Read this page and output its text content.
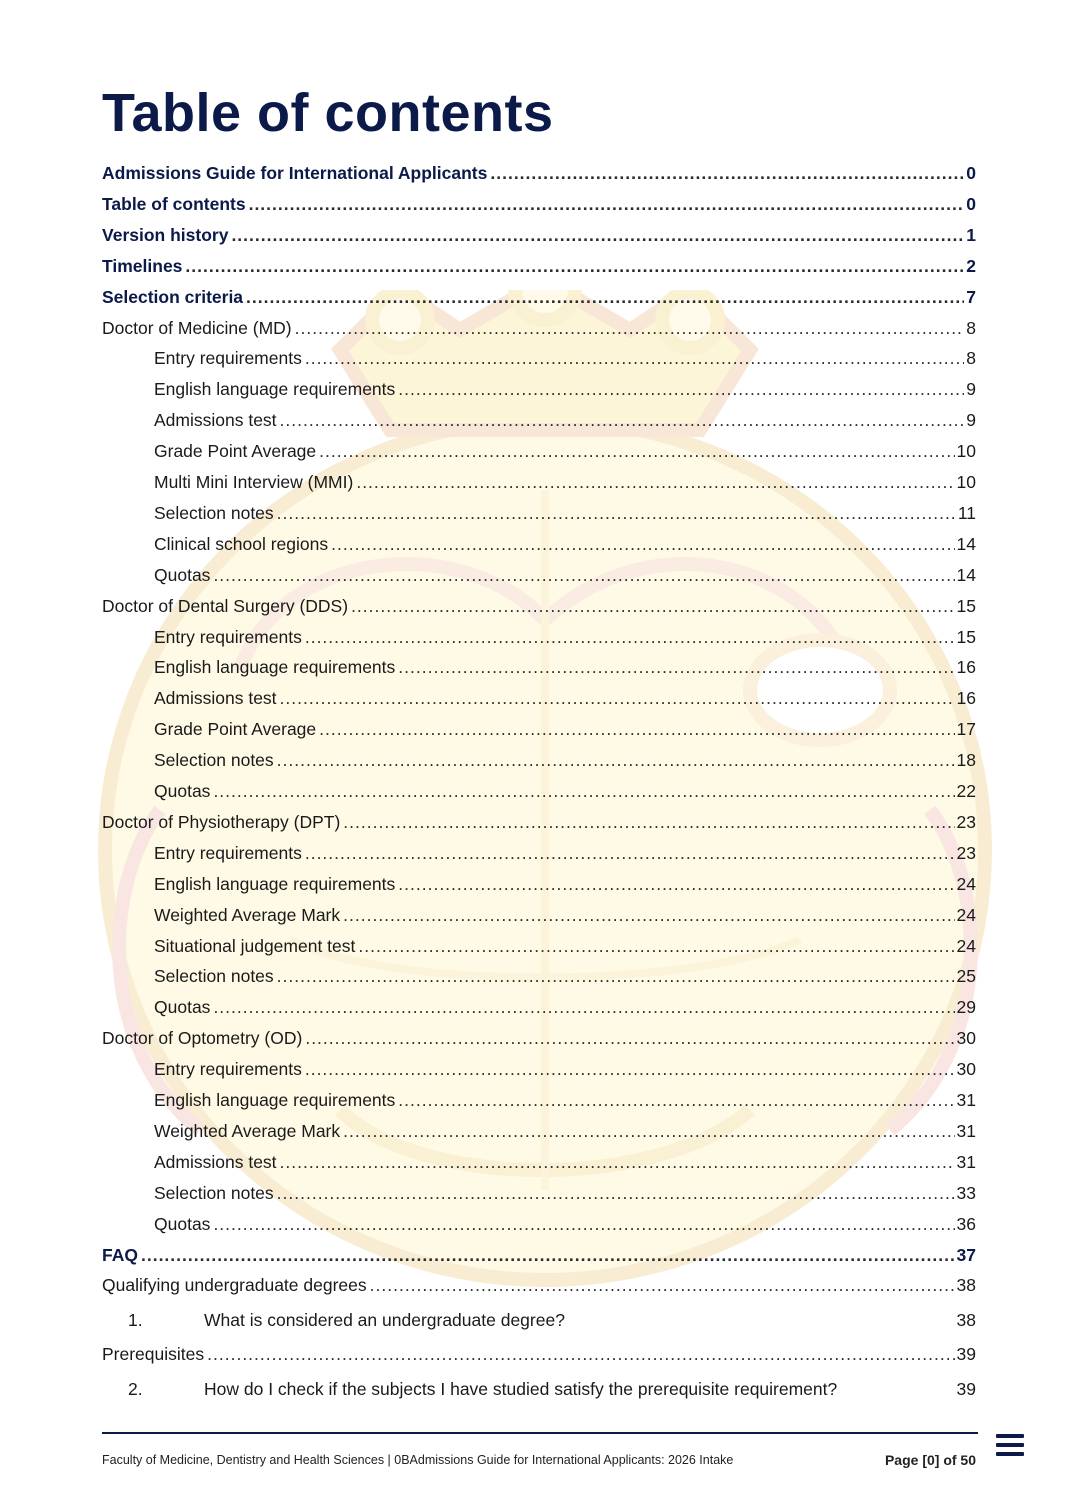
Table of contents
Admissions Guide for International Applicants .....	0
Table of contents .....	0
Version history .....	1
Timelines .....	2
Selection criteria .....	7
Doctor of Medicine (MD) .....	8
Entry requirements .....	8
English language requirements .....	9
Admissions test .....	9
Grade Point Average .....	10
Multi Mini Interview (MMI) .....	10
Selection notes .....	11
Clinical school regions .....	14
Quotas .....	14
Doctor of Dental Surgery (DDS) .....	15
Entry requirements .....	15
English language requirements .....	16
Admissions test .....	16
Grade Point Average .....	17
Selection notes .....	18
Quotas .....	22
Doctor of Physiotherapy (DPT) .....	23
Entry requirements .....	23
English language requirements .....	24
Weighted Average Mark .....	24
Situational judgement test .....	24
Selection notes .....	25
Quotas .....	29
Doctor of Optometry (OD) .....	30
Entry requirements .....	30
English language requirements .....	31
Weighted Average Mark .....	31
Admissions test .....	31
Selection notes .....	33
Quotas .....	36
FAQ .....	37
Qualifying undergraduate degrees .....	38
1.	What is considered an undergraduate degree?	38
Prerequisites .....	39
2.	How do I check if the subjects I have studied satisfy the prerequisite requirement?	39
Faculty of Medicine, Dentistry and Health Sciences | 0BAdmissions Guide for International Applicants: 2026 Intake	Page [0] of 50
